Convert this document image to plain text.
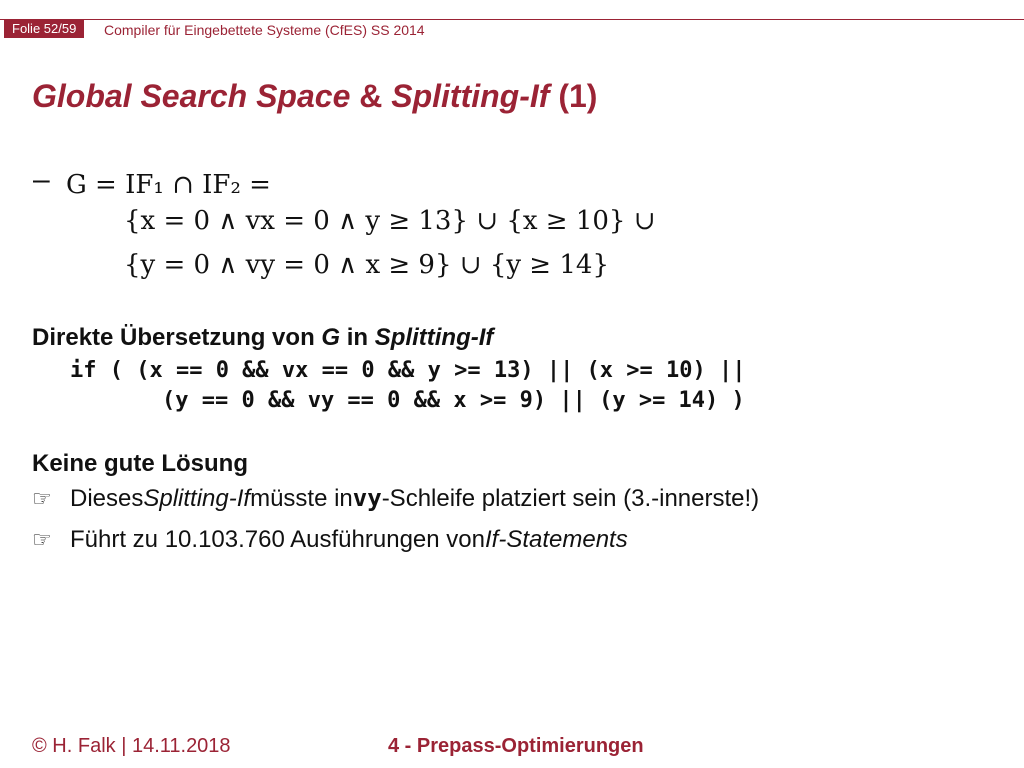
Folie 52/59	Compiler für Eingebettete Systeme (CfES) SS 2014
Global Search Space & Splitting-If (1)
– G = IF₁ ∩ IF₂ =
{x = 0 ∧ vx = 0 ∧ y ≥ 13} ∪ {x ≥ 10} ∪
{y = 0 ∧ vy = 0 ∧ x ≥ 9} ∪ {y ≥ 14}
Direkte Übersetzung von G in Splitting-If
if ( (x == 0 && vx == 0 && y >= 13) || (x >= 10) ||
(y == 0 && vy == 0 && x >= 9) || (y >= 14) )
Keine gute Lösung
☞ Dieses Splitting-If müsste in vy -Schleife platziert sein (3.-innerste!)
☞ Führt zu 10.103.760 Ausführungen von If-Statements
© H. Falk | 14.11.2018	4 - Prepass-Optimierungen
